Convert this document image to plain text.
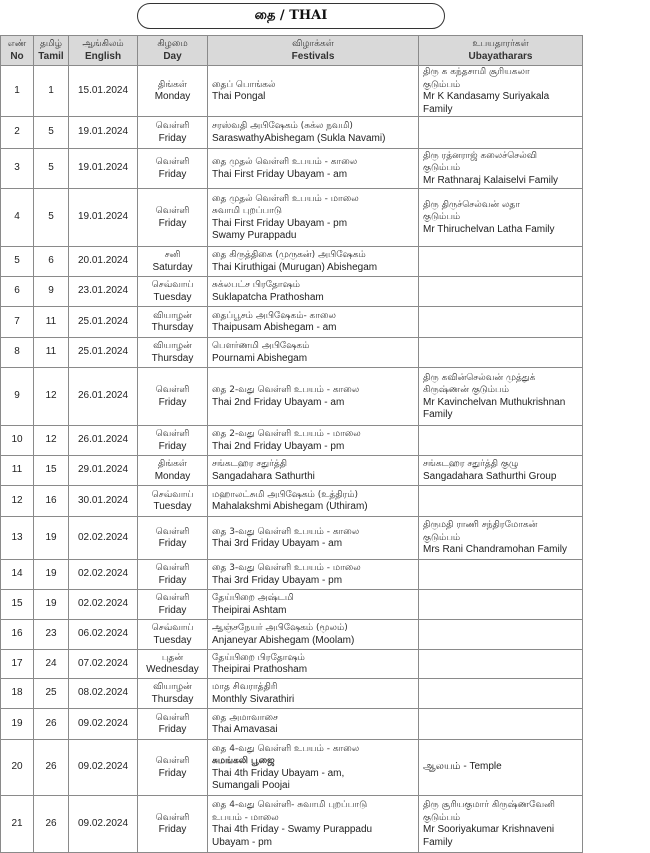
தை / THAI
எண்
No	தமிழ்
Tamil	ஆங்கிலம்
English	கிழமை
Day	விழாக்கள்
Festivals	உபயதாரர்கள்
Ubayatharars

1	1	15.01.2024	திங்கள்
Monday	தைப் பொங்கல்
Thai Pongal	திரு க கந்தசாமி சூரியகலா
குடும்பம்
Mr K Kandasamy Suriyakala Family

2	5	19.01.2024	வெள்ளி
Friday	சரஸ்வதி அபிஷேகம் (சுக்ல நவமி)
SaraswathyAbishegam (Sukla Navami)	

3	5	19.01.2024	வெள்ளி
Friday	தை முதல் வெள்ளி உபயம் - காலை
Thai First Friday Ubayam - am	திரு ரத்னராஜ் கலைச்செல்வி
குடும்பம்
Mr Rathnaraj Kalaiselvi Family

4	5	19.01.2024	வெள்ளி
Friday	தை முதல் வெள்ளி உபயம் - மாலை
சுவாமி புறப்பாடு
Thai First Friday Ubayam - pm
Swamy Purappadu	திரு திருச்செல்வன் லதா
குடும்பம்
Mr Thiruchelvan Latha Family

5	6	20.01.2024	சனி
Saturday	தை கிருத்திகை (முருகன்) அபிஷேகம்
Thai Kiruthigai (Murugan) Abishegam	

6	9	23.01.2024	செவ்வாய்
Tuesday	சுக்லபட்ச பிரதோஷம்
Suklapatcha Prathosham	

7	11	25.01.2024	வியாழன்
Thursday	தைப்பூசம் அபிஷேகம்- காலை
Thaipusam Abishegam - am	

8	11	25.01.2024	வியாழன்
Thursday	பௌர்ணமி அபிஷேகம்
Pournami Abishegam	

9	12	26.01.2024	வெள்ளி
Friday	தை 2-வது வெள்ளி உபயம் - காலை
Thai 2nd Friday Ubayam - am	திரு கவின்செல்வன் முத்துக்
கிருஷ்ணன் குடும்பம்
Mr Kavinchelvan Muthukrishnan
Family

10	12	26.01.2024	வெள்ளி
Friday	தை 2-வது வெள்ளி உபயம் - மாலை
Thai 2nd Friday Ubayam - pm	

11	15	29.01.2024	திங்கள்
Monday	சங்கடஹர சதுர்த்தி
Sangadahara Sathurthi	சங்கடஹர சதுர்த்தி குழு
Sangadahara Sathurthi Group

12	16	30.01.2024	செவ்வாய்
Tuesday	மஹாலட்சுமி அபிஷேகம் (உத்திரம்)
Mahalakshmi Abishegam (Uthiram)	

13	19	02.02.2024	வெள்ளி
Friday	தை 3-வது வெள்ளி உபயம் - காலை
Thai 3rd Friday Ubayam - am	திருமதி ராணி சந்திரமோகன்
குடும்பம்
Mrs Rani Chandramohan Family

14	19	02.02.2024	வெள்ளி
Friday	தை 3-வது வெள்ளி உபயம் - மாலை
Thai 3rd Friday Ubayam - pm	

15	19	02.02.2024	வெள்ளி
Friday	தேய்பிறை அஷ்டமி
Theipirai Ashtam	

16	23	06.02.2024	செவ்வாய்
Tuesday	ஆஞ்சநேயர் அபிஷேகம் (மூலம்)
Anjaneyar Abishegam (Moolam)	

17	24	07.02.2024	புதன்
Wednesday	தேய்பிறை பிரதோஷம்
Theipirai Prathosham	

18	25	08.02.2024	வியாழன்
Thursday	மாத சிவராத்திரி
Monthly Sivarathiri	

19	26	09.02.2024	வெள்ளி
Friday	தை அமாவாசை
Thai Amavasai	

20	26	09.02.2024	வெள்ளி
Friday	தை 4-வது வெள்ளி உபயம் - காலை
சுமங்கலி பூஜை
Thai 4th Friday Ubayam - am,
Sumangali Poojai	ஆலயம் - Temple

21	26	09.02.2024	வெள்ளி
Friday	தை 4-வது வெள்ளி- சுவாமி புறப்பாடு
உபயம் - மாலை
Thai 4th Friday - Swamy Purappadu
Ubayam - pm	திரு சூரியகுமார் கிருஷ்ணவேனி
குடும்பம்
Mr Sooriyakumar Krishnaveni
Family
